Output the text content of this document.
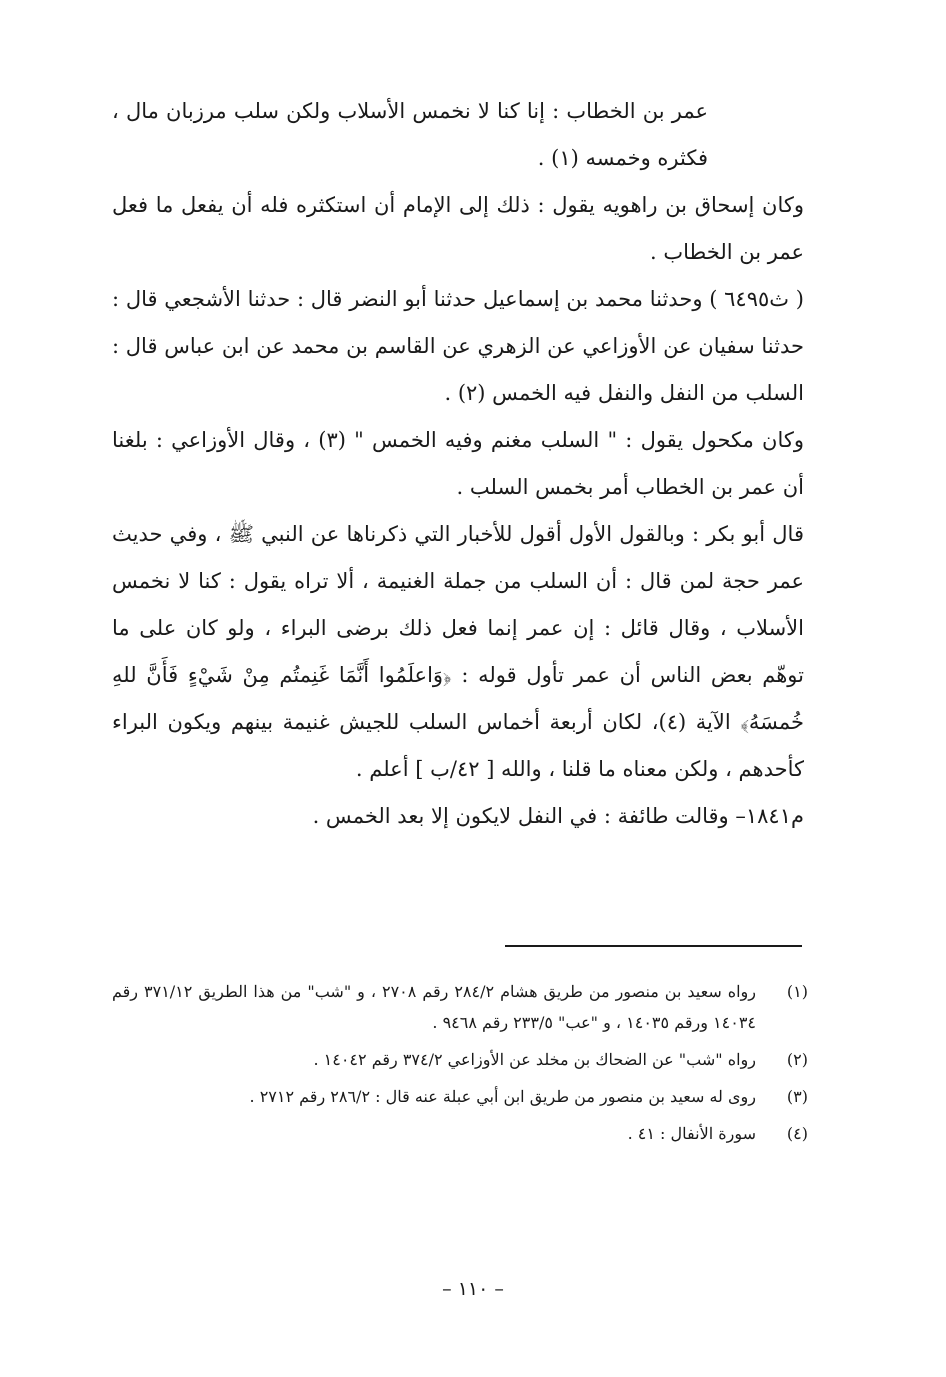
عمر بن الخطاب : إنا كنا لا نخمس الأسلاب ولكن سلب مرزبان مال ، فكثره وخمسه (١) .

وكان إسحاق بن راهويه يقول : ذلك إلى الإمام أن استكثره فله أن يفعل ما فعل عمر بن الخطاب .

( ث٦٤٩٥ ) وحدثنا محمد بن إسماعيل حدثنا أبو النضر قال : حدثنا الأشجعي قال : حدثنا سفيان عن الأوزاعي عن الزهري عن القاسم بن محمد عن ابن عباس قال : السلب من النفل والنفل فيه الخمس (٢) .

وكان مكحول يقول : " السلب مغنم وفيه الخمس " (٣) ، وقال الأوزاعي : بلغنا أن عمر بن الخطاب أمر بخمس السلب .

قال أبو بكر : وبالقول الأول أقول للأخبار التي ذكرناها عن النبي ﷺ ، وفي حديث عمر حجة لمن قال : أن السلب من جملة الغنيمة ، ألا تراه يقول : كنا لا نخمس الأسلاب ، وقال قائل : إن عمر إنما فعل ذلك برضى البراء ، ولو كان على ما توهّم بعض الناس أن عمر تأول قوله : ﴿وَاعلَمُوا أَنَّمَا غَنِمتُم مِنْ شَيْءٍ فَأَنَّ للهِ خُمسَهُ﴾ الآية (٤)، لكان أربعة أخماس السلب للجيش غنيمة بينهم ويكون البراء كأحدهم ، ولكن معناه ما قلنا ، والله [ ٤٢/ب ] أعلم .

م١٨٤١– وقالت طائفة : في النفل لايكون إلا بعد الخمس .

(١)
رواه سعيد بن منصور من طريق هشام ٢٨٤/٢ رقم ٢٧٠٨ ، و "شب" من هذا الطريق ٣٧١/١٢ رقم ١٤٠٣٤ ورقم ١٤٠٣٥ ، و "عب" ٢٣٣/٥ رقم ٩٤٦٨ .
(٢)
رواه "شب" عن الضحاك بن مخلد عن الأوزاعي ٣٧٤/٢ رقم ١٤٠٤٢ .
(٣)
روى له سعيد بن منصور من طريق ابن أبي عبلة عنه قال : ٢٨٦/٢ رقم ٢٧١٢ .
(٤)
سورة الأنفال : ٤١ .
– ١١٠ –
